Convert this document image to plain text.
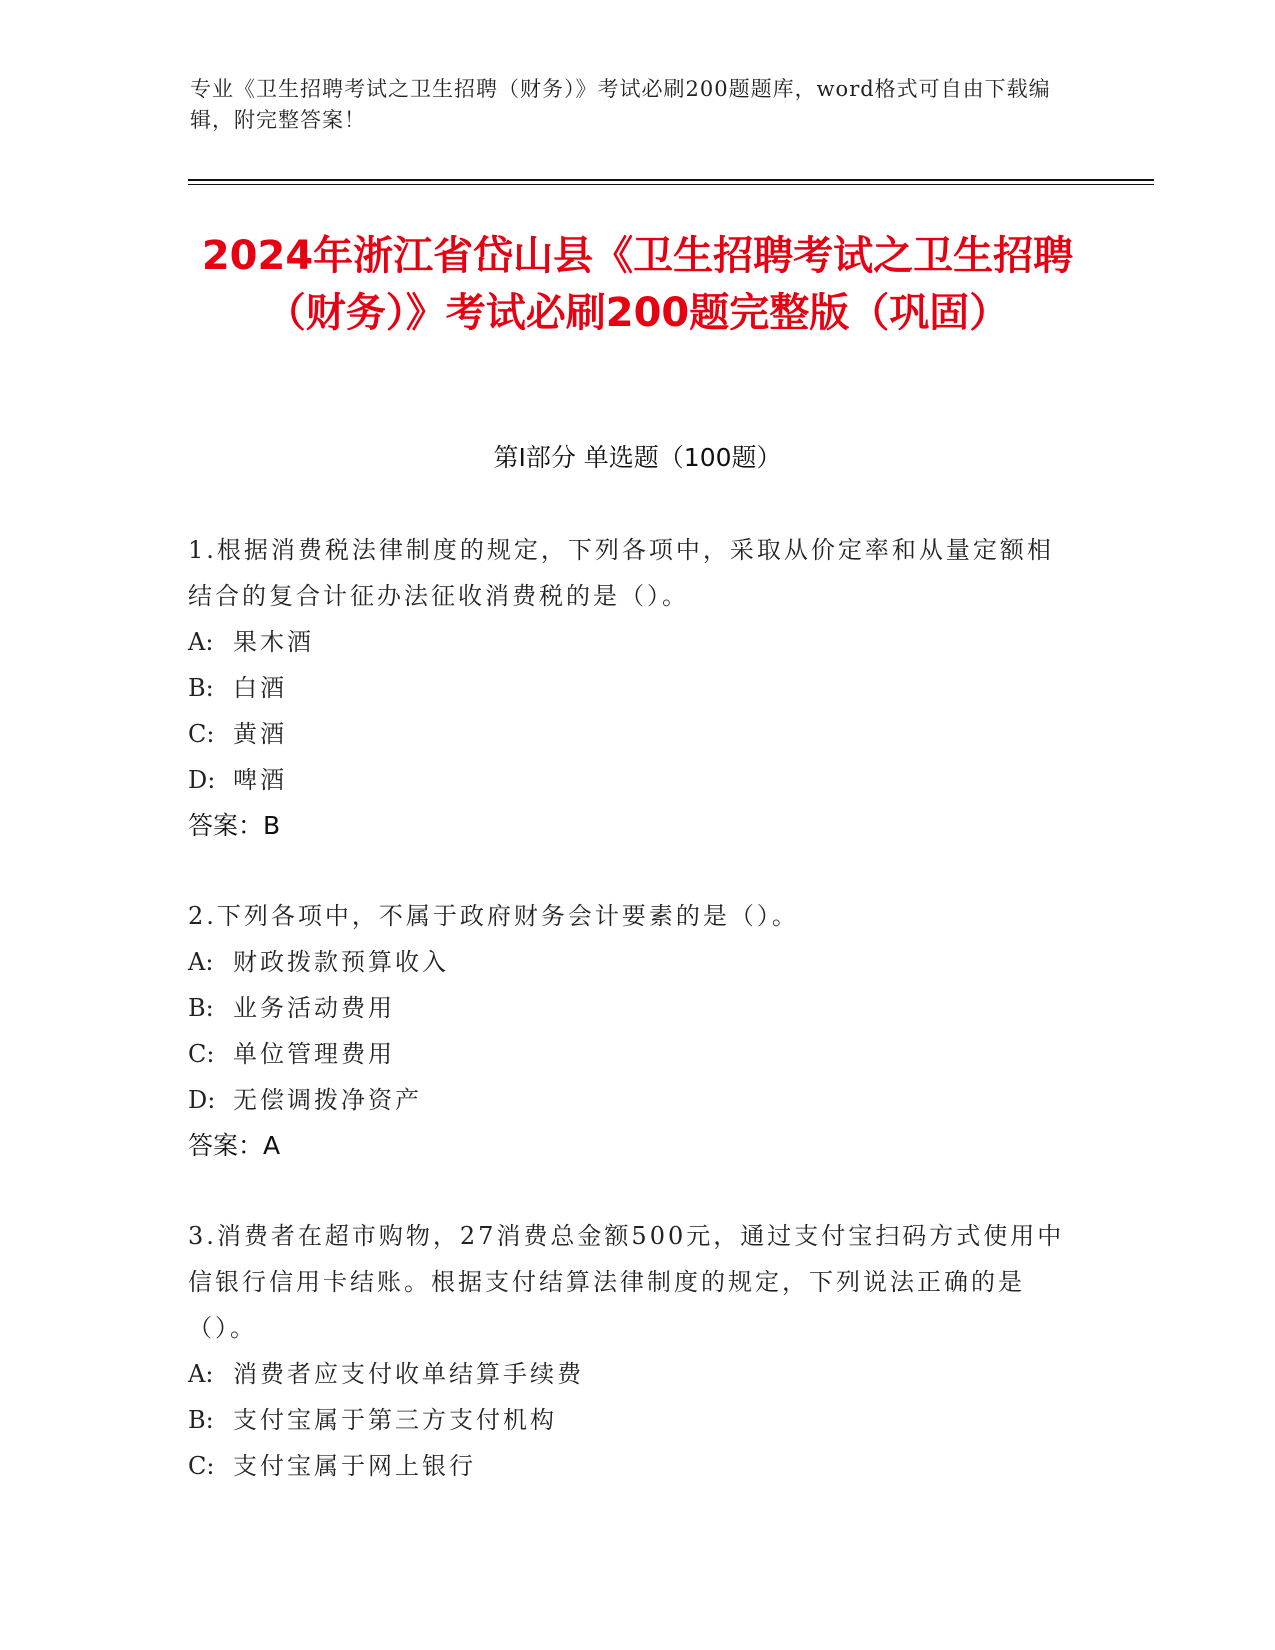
专业《卫生招聘考试之卫生招聘（财务）》考试必刷200题题库，word格式可自由下载编辑，附完整答案！
2024年浙江省岱山县《卫生招聘考试之卫生招聘（财务）》考试必刷200题完整版（巩固）
第Ⅰ部分 单选题（100题）

1.根据消费税法律制度的规定，下列各项中，采取从价定率和从量定额相结合的复合计征办法征收消费税的是（）。

A: 果木酒

B: 白酒

C: 黄酒

D: 啤酒

答案：B

2.下列各项中，不属于政府财务会计要素的是（）。

A: 财政拨款预算收入

B: 业务活动费用

C: 单位管理费用

D: 无偿调拨净资产

答案：A

3.消费者在超市购物，27消费总金额500元，通过支付宝扫码方式使用中信银行信用卡结账。根据支付结算法律制度的规定，下列说法正确的是（）。

A: 消费者应支付收单结算手续费

B: 支付宝属于第三方支付机构

C: 支付宝属于网上银行
